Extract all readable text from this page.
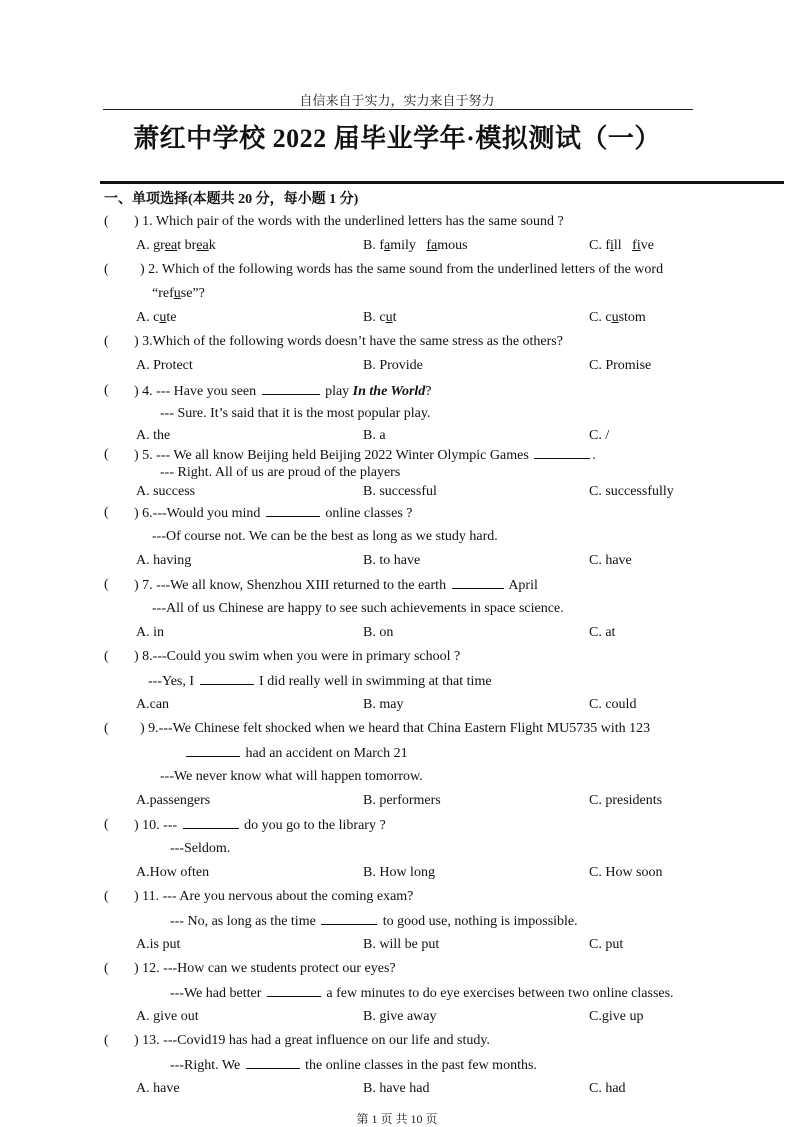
自信来自于实力，实力来自于努力
萧红中学校 2022 届毕业学年·模拟测试（一）
一、单项选择(本题共 20 分，每小题 1 分)
( ) 1. Which pair of the words with the underlined letters has the same sound ?
A. great break	B. family   famous	C. fill   five
( ) 2. Which of the following words has the same sound from the underlined letters of the word
“refuse”?
A. cute	B. cut	C. custom
( ) 3.Which of the following words doesn’t have the same stress as the others?
A. Protect	B. Provide	C. Promise
( ) 4. --- Have you seen	play In the World?
--- Sure. It’s said that it is the most popular play.
A. the	B. a	C. /
( ) 5. --- We all know Beijing held Beijing 2022 Winter Olympic Games	.
--- Right. All of us are proud of the players
A. success	B. successful	C. successfully
( ) 6.---Would you mind	online classes ?
---Of course not. We can be the best as long as we study hard.
A. having	B. to have	C. have
( ) 7. ---We all know, Shenzhou XIII returned to the earth	April
---All of us Chinese are happy to see such achievements in space science.
A. in	B. on	C. at
( ) 8.---Could you swim when you were in primary school ?
---Yes, I	I did really well in swimming at that time
A.can	B. may	C. could
( ) 9.---We Chinese felt shocked when we heard that China Eastern Flight MU5735 with 123
had an accident on March 21
---We never know what will happen tomorrow.
A.passengers	B. performers	C. presidents
( ) 10. ---	do you go to the library ?
---Seldom.
A.How often	B. How long	C. How soon
( ) 11. --- Are you nervous about the coming exam?
--- No, as long as the time	to good use, nothing is impossible.
A.is put	B. will be put	C. put
( ) 12. ---How can we students protect our eyes?
---We had better	a few minutes to do eye exercises between two online classes.
A. give out	B. give away	C.give up
( ) 13. ---Covid19 has had a great influence on our life and study.
---Right. We	the online classes in the past few months.
A. have	B. have had	C. had
第 1 页 共 10 页
